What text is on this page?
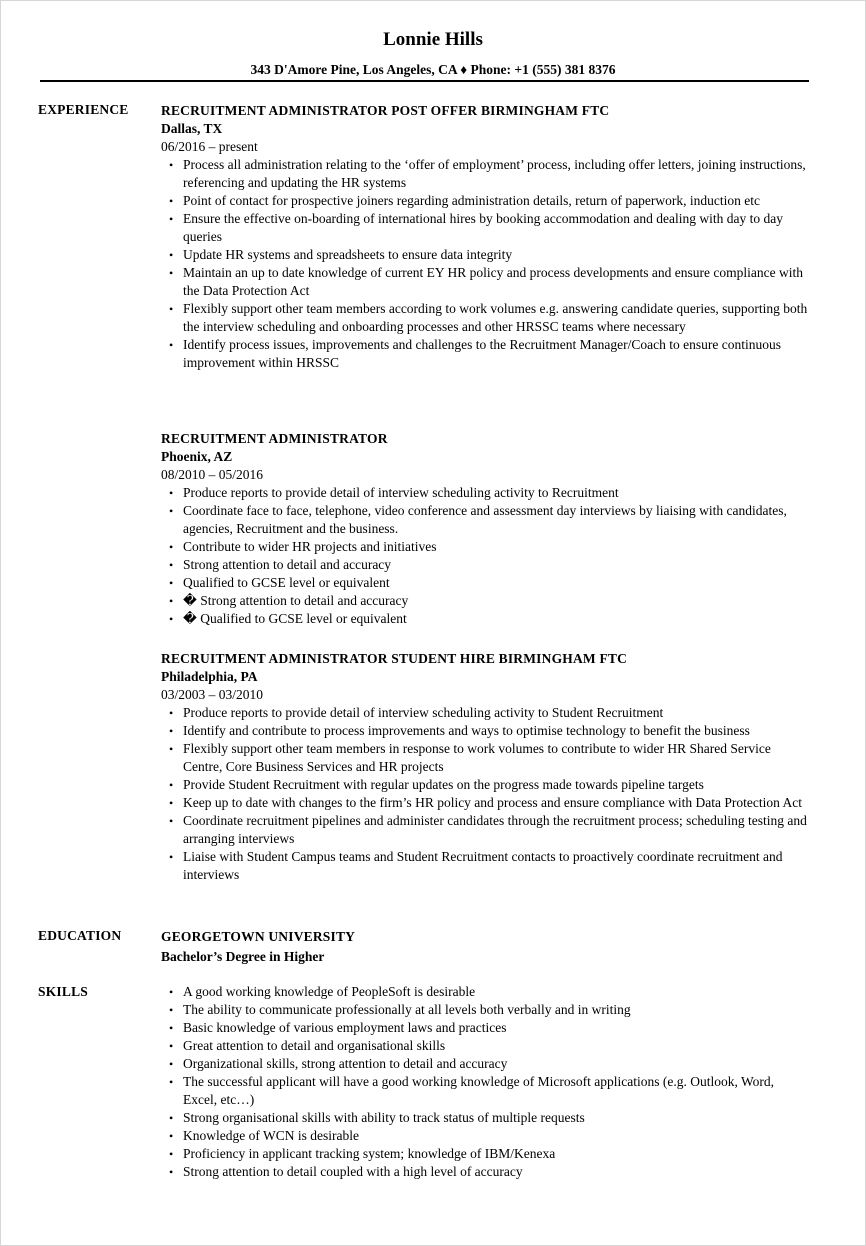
Lonnie Hills
343 D'Amore Pine, Los Angeles, CA ♦ Phone: +1 (555) 381 8376
EXPERIENCE RECRUITMENT ADMINISTRATOR POST OFFER BIRMINGHAM FTC
Dallas, TX
06/2016 – present
• Process all administration relating to the ‘offer of employment’ process, including offer letters, joining instructions, referencing and updating the HR systems
• Point of contact for prospective joiners regarding administration details, return of paperwork, induction etc
• Ensure the effective on-boarding of international hires by booking accommodation and dealing with day to day queries
• Update HR systems and spreadsheets to ensure data integrity
• Maintain an up to date knowledge of current EY HR policy and process developments and ensure compliance with the Data Protection Act
• Flexibly support other team members according to work volumes e.g. answering candidate queries, supporting both the interview scheduling and onboarding processes and other HRSSC teams where necessary
• Identify process issues, improvements and challenges to the Recruitment Manager/Coach to ensure continuous improvement within HRSSC
RECRUITMENT ADMINISTRATOR
Phoenix, AZ
08/2010 – 05/2016
• Produce reports to provide detail of interview scheduling activity to Recruitment
• Coordinate face to face, telephone, video conference and assessment day interviews by liaising with candidates, agencies, Recruitment and the business.
• Contribute to wider HR projects and initiatives
• Strong attention to detail and accuracy
• Qualified to GCSE level or equivalent
• � Strong attention to detail and accuracy
• � Qualified to GCSE level or equivalent
RECRUITMENT ADMINISTRATOR STUDENT HIRE BIRMINGHAM FTC
Philadelphia, PA
03/2003 – 03/2010
• Produce reports to provide detail of interview scheduling activity to Student Recruitment
• Identify and contribute to process improvements and ways to optimise technology to benefit the business
• Flexibly support other team members in response to work volumes to contribute to wider HR Shared Service Centre, Core Business Services and HR projects
• Provide Student Recruitment with regular updates on the progress made towards pipeline targets
• Keep up to date with changes to the firm’s HR policy and process and ensure compliance with Data Protection Act
• Coordinate recruitment pipelines and administer candidates through the recruitment process; scheduling testing and arranging interviews
• Liaise with Student Campus teams and Student Recruitment contacts to proactively coordinate recruitment and interviews
EDUCATION	GEORGETOWN UNIVERSITY
Bachelor’s Degree in Higher
SKILLS
•	A good working knowledge of PeopleSoft is desirable
• The ability to communicate professionally at all levels both verbally and in writing
• Basic knowledge of various employment laws and practices
• Great attention to detail and organisational skills
• Organizational skills, strong attention to detail and accuracy
• The successful applicant will have a good working knowledge of Microsoft applications (e.g. Outlook, Word, Excel, etc…)
• Strong organisational skills with ability to track status of multiple requests
• Knowledge of WCN is desirable
• Proficiency in applicant tracking system; knowledge of IBM/Kenexa
• Strong attention to detail coupled with a high level of accuracy
